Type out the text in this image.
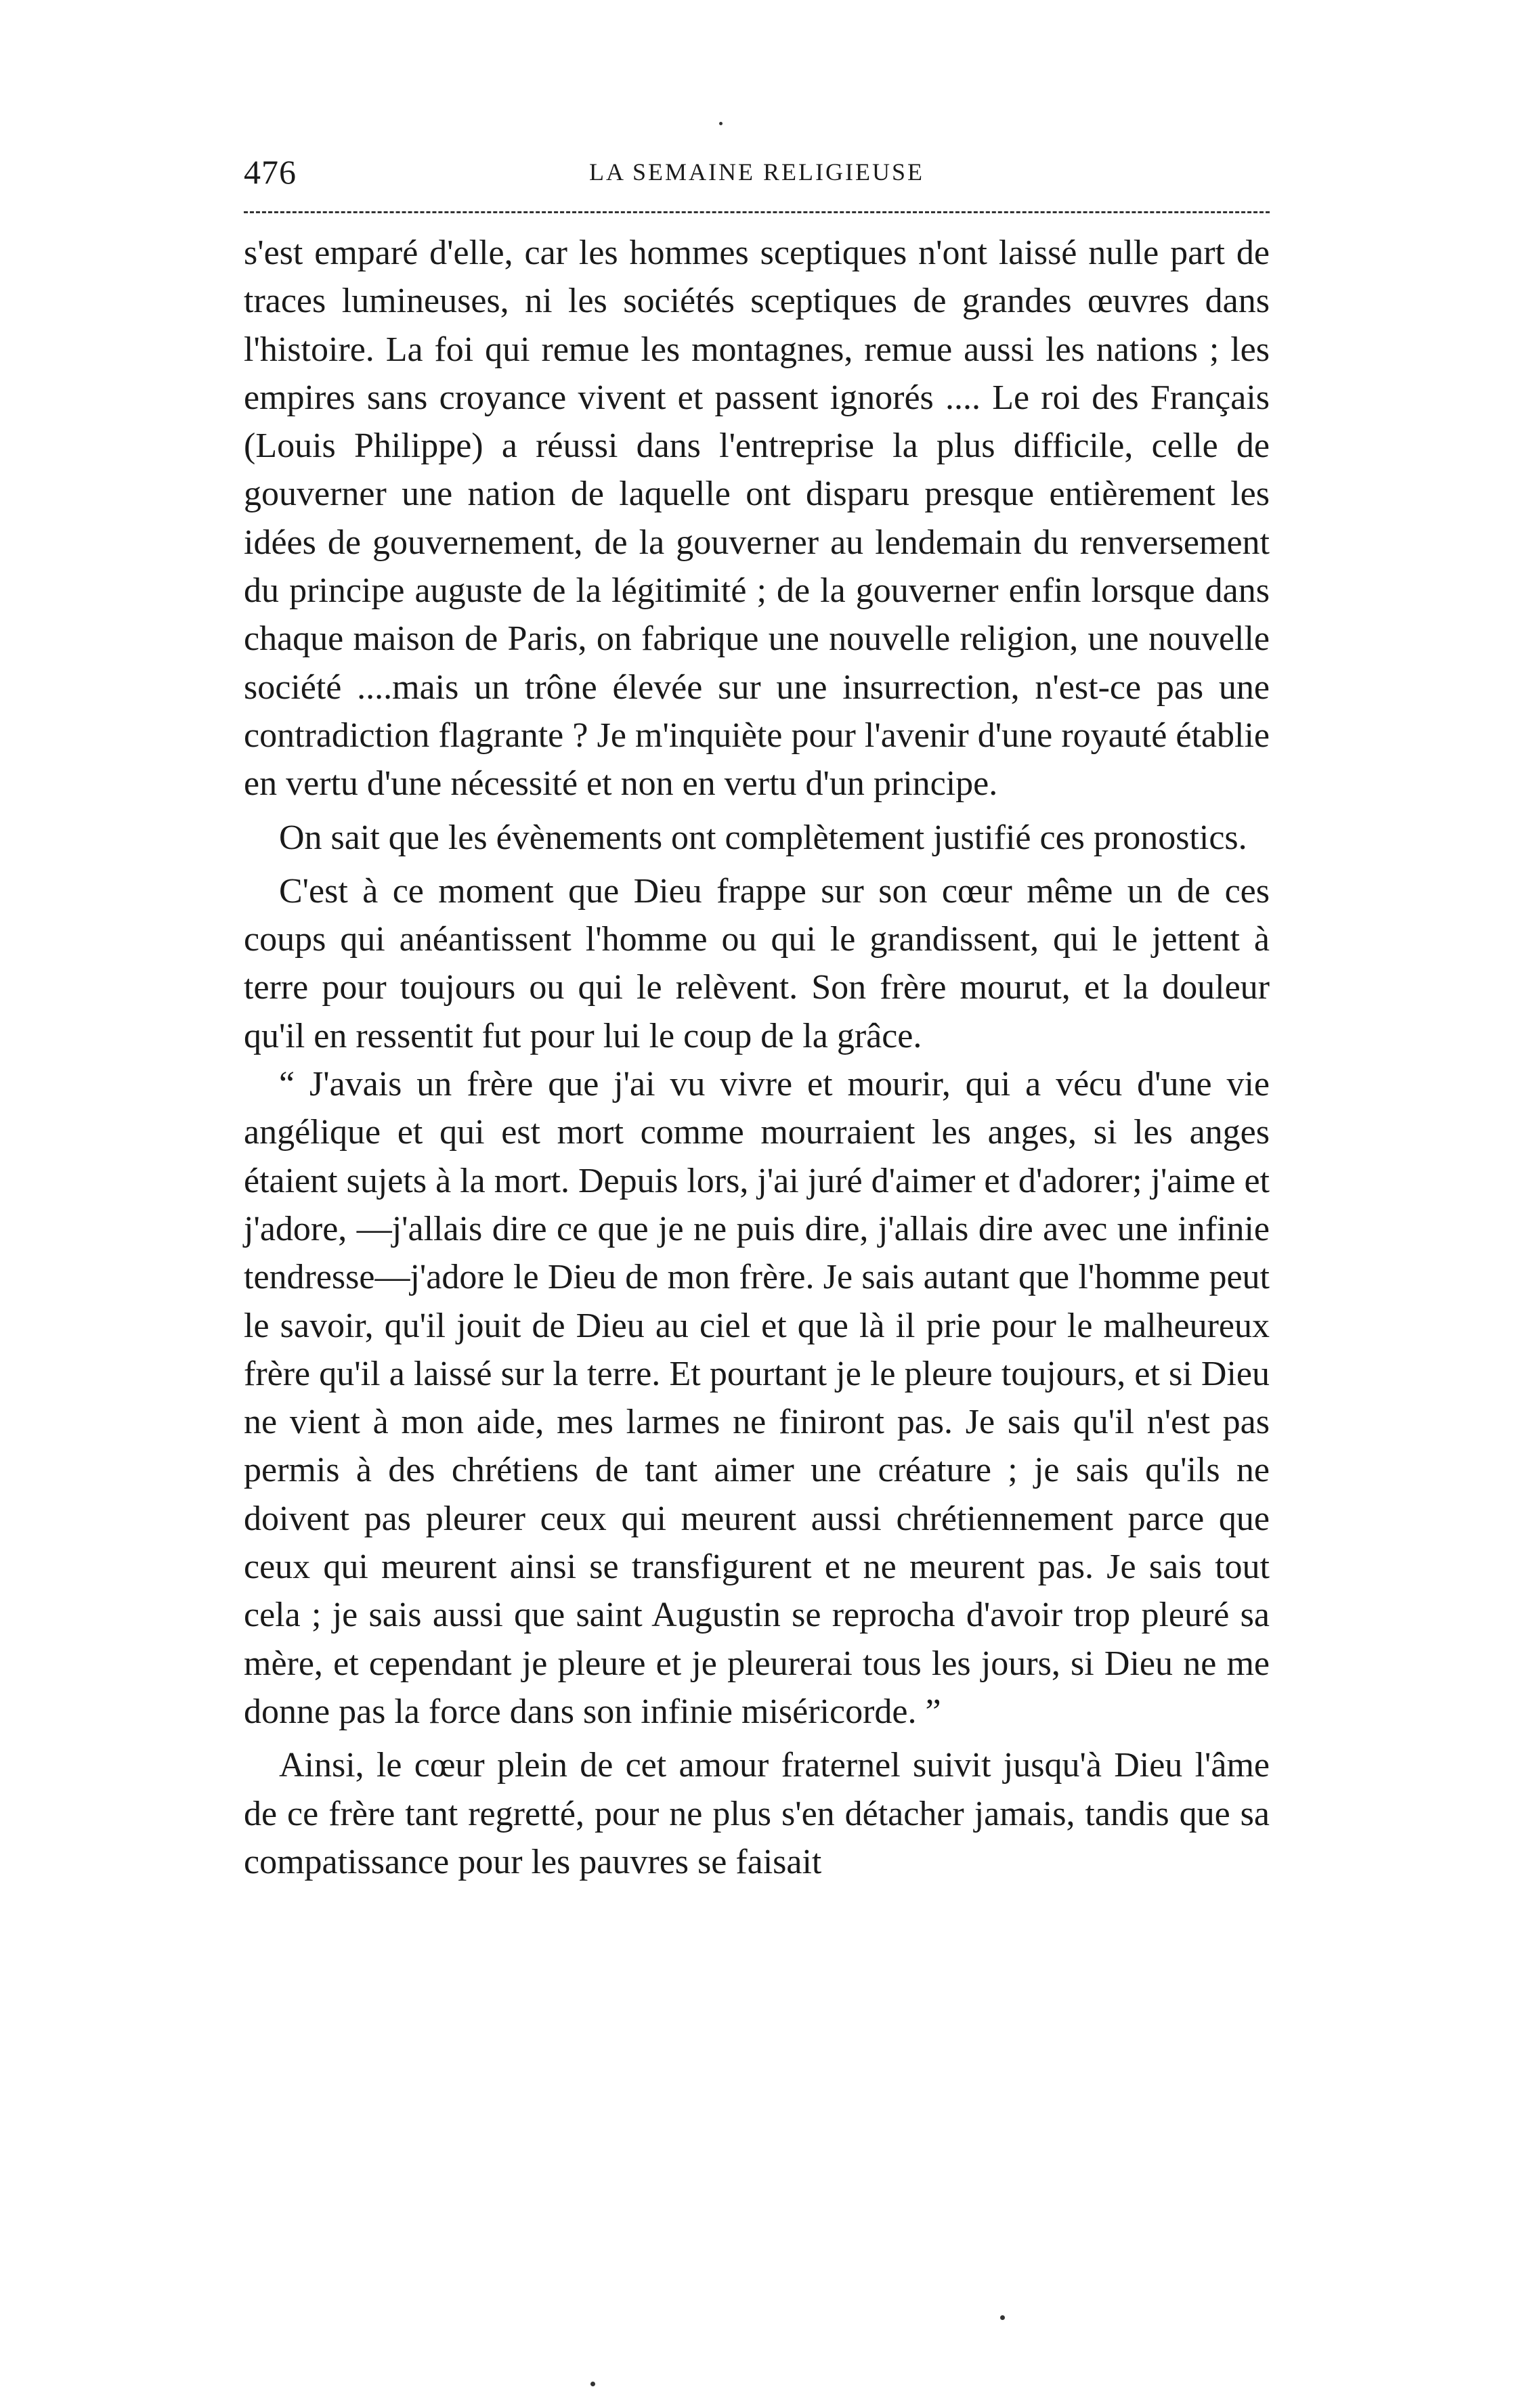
476	LA SEMAINE RELIGIEUSE

s'est emparé d'elle, car les hommes sceptiques n'ont laissé nulle part de traces lumineuses, ni les sociétés sceptiques de grandes œuvres dans l'histoire. La foi qui remue les montagnes, remue aussi les nations ; les empires sans croyance vivent et passent ignorés .... Le roi des Français (Louis Philippe) a réussi dans l'entreprise la plus difficile, celle de gouverner une nation de laquelle ont disparu presque entièrement les idées de gouvernement, de la gouverner au lendemain du renversement du principe auguste de la légitimité ; de la gouverner enfin lorsque dans chaque maison de Paris, on fabrique une nouvelle religion, une nouvelle société ....mais un trône élevée sur une insurrection, n'est-ce pas une contradiction flagrante ? Je m'inquiète pour l'avenir d'une royauté établie en vertu d'une nécessité et non en vertu d'un principe.

On sait que les évènements ont complètement justifié ces pronostics.

C'est à ce moment que Dieu frappe sur son cœur même un de ces coups qui anéantissent l'homme ou qui le grandissent, qui le jettent à terre pour toujours ou qui le relèvent. Son frère mourut, et la douleur qu'il en ressentit fut pour lui le coup de la grâce.

“ J'avais un frère que j'ai vu vivre et mourir, qui a vécu d'une vie angélique et qui est mort comme mourraient les anges, si les anges étaient sujets à la mort. Depuis lors, j'ai juré d'aimer et d'adorer; j'aime et j'adore, —j'allais dire ce que je ne puis dire, j'allais dire avec une infinie tendresse—j'adore le Dieu de mon frère. Je sais autant que l'homme peut le savoir, qu'il jouit de Dieu au ciel et que là il prie pour le malheureux frère qu'il a laissé sur la terre. Et pourtant je le pleure toujours, et si Dieu ne vient à mon aide, mes larmes ne finiront pas. Je sais qu'il n'est pas permis à des chrétiens de tant aimer une créature ; je sais qu'ils ne doivent pas pleurer ceux qui meurent aussi chrétiennement parce que ceux qui meurent ainsi se transfigurent et ne meurent pas. Je sais tout cela ; je sais aussi que saint Augustin se reprocha d'avoir trop pleuré sa mère, et cependant je pleure et je pleurerai tous les jours, si Dieu ne me donne pas la force dans son infinie miséricorde. ”

Ainsi, le cœur plein de cet amour fraternel suivit jusqu'à Dieu l'âme de ce frère tant regretté, pour ne plus s'en détacher jamais, tandis que sa compatissance pour les pauvres se faisait
